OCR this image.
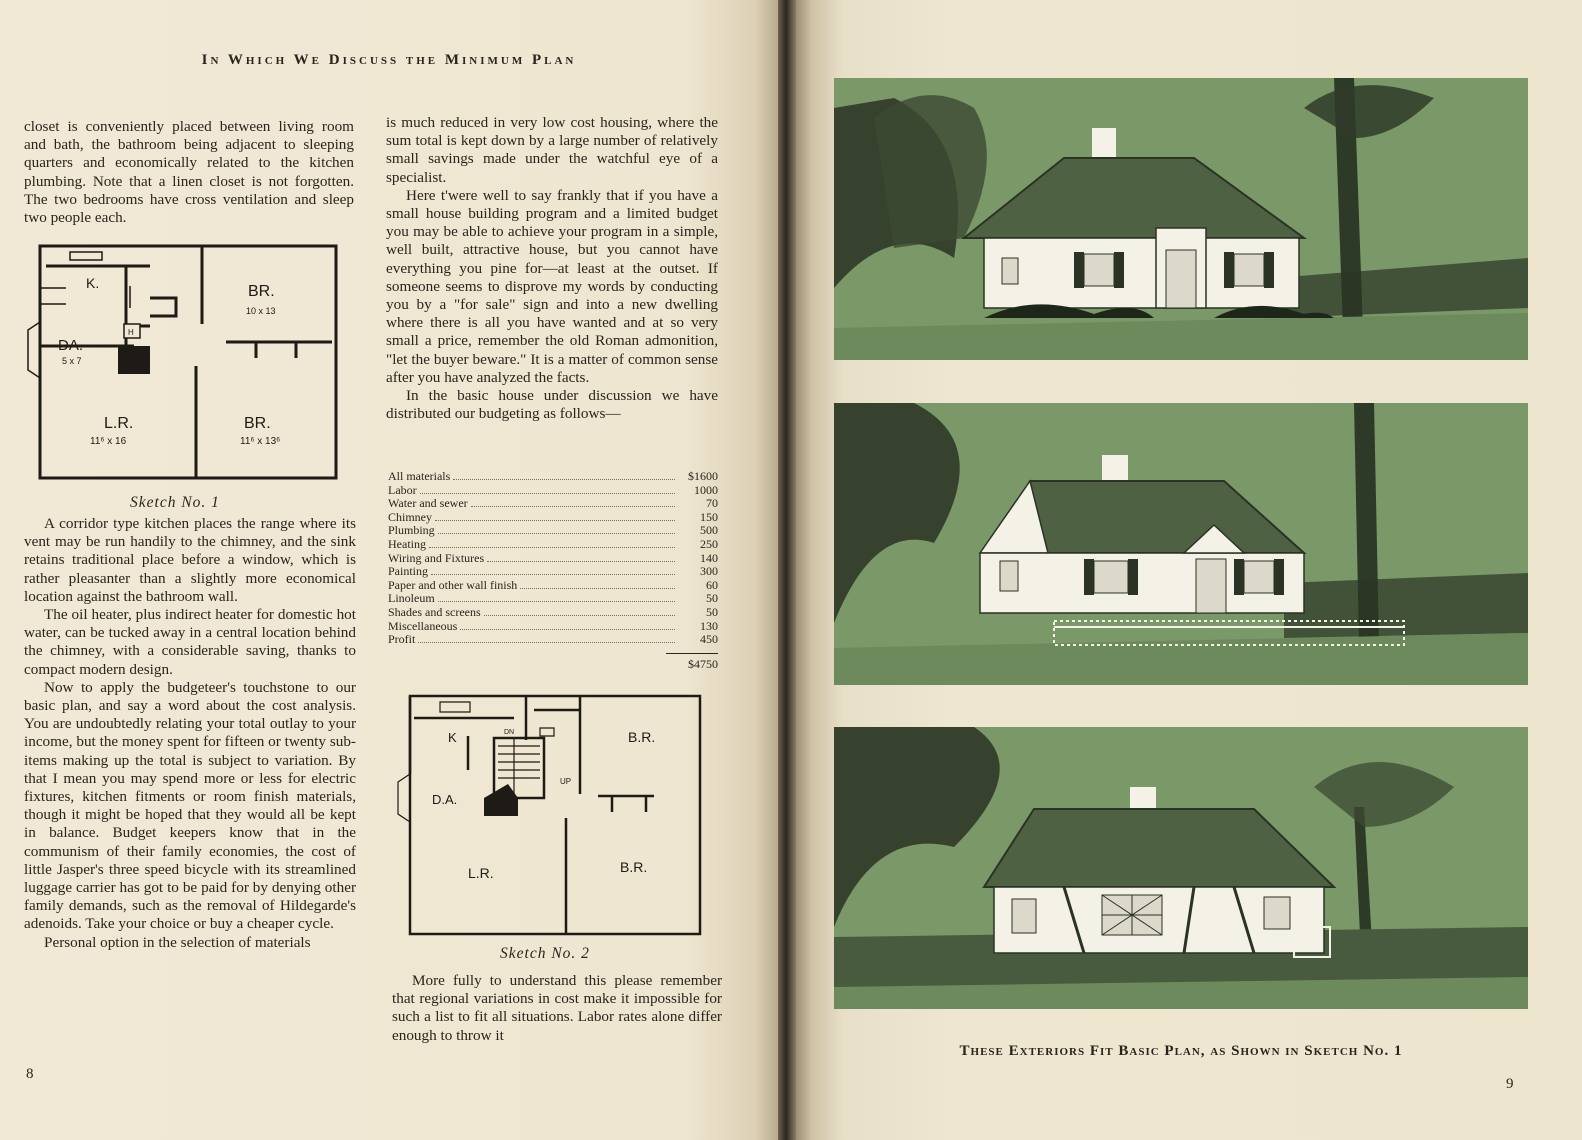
In Which We Discuss the Minimum Plan

closet is conveniently placed between living room and bath, the bathroom being adjacent to sleeping quarters and economically related to the kitchen plumbing. Note that a linen closet is not forgotten. The two bedrooms have cross ventilation and sleep two people each.

K.	BR.
10 x 13
H
DA.
5 x 7
L.R.
11⁶ x 16
BR.
11⁶ x 13⁶
Sketch No. 1

A corridor type kitchen places the range where its vent may be run handily to the chimney, and the sink retains traditional place before a window, which is rather pleasanter than a slightly more economical location against the bathroom wall.

The oil heater, plus indirect heater for domestic hot water, can be tucked away in a central location behind the chimney, with a considerable saving, thanks to compact modern design.

Now to apply the budgeteer's touchstone to our basic plan, and say a word about the cost analysis. You are undoubtedly relating your total outlay to your income, but the money spent for fifteen or twenty sub-items making up the total is subject to variation. By that I mean you may spend more or less for electric fixtures, kitchen fitments or room finish materials, though it might be hoped that they would all be kept in balance. Budget keepers know that in the communism of their family economies, the cost of little Jasper's three speed bicycle with its streamlined luggage carrier has got to be paid for by denying other family demands, such as the removal of Hildegarde's adenoids. Take your choice or buy a cheaper cycle.

Personal option in the selection of materials

is much reduced in very low cost housing, where the sum total is kept down by a large number of relatively small savings made under the watchful eye of a specialist.

Here t'were well to say frankly that if you have a small house building program and a limited budget you may be able to achieve your program in a simple, well built, attractive house, but you cannot have everything you pine for—at least at the outset. If someone seems to disprove my words by conducting you by a "for sale" sign and into a new dwelling where there is all you have wanted and at so very small a price, remember the old Roman admonition, "let the buyer beware." It is a matter of common sense after you have analyzed the facts.

In the basic house under discussion we have distributed our budgeting as follows—

All materials	$1600
Labor	1000
Water and sewer	70
Chimney	150
Plumbing	500
Heating	250
Wiring and Fixtures	140
Painting	300
Paper and other wall finish	60
Linoleum	50
Shades and screens	50
Miscellaneous	130
Profit	450
$4750
K	DN	B.R.
UP
D.A.
L.R.	B.R.
Sketch No. 2

More fully to understand this please remember that regional variations in cost make it impossible for such a list to fit all situations. Labor rates alone differ enough to throw it

8
These Exteriors Fit Basic Plan, as Shown in Sketch No. 1
9
